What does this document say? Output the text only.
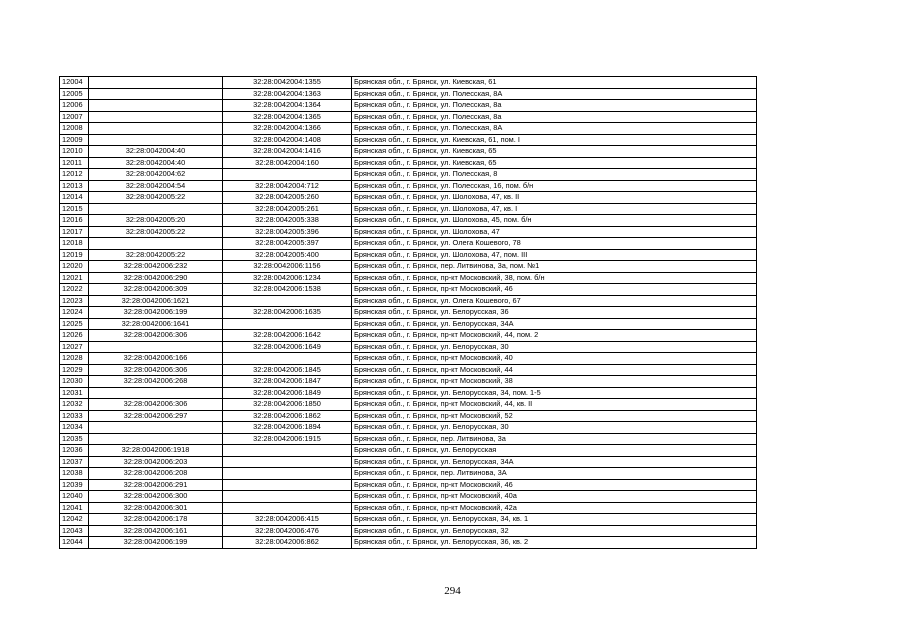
12004		32:28:0042004:1355	Брянская обл., г. Брянск, ул. Киевская, 61
12005		32:28:0042004:1363	Брянская обл., г. Брянск, ул. Полесская, 8А
12006		32:28:0042004:1364	Брянская обл., г. Брянск, ул. Полесская, 8а
12007		32:28:0042004:1365	Брянская обл., г. Брянск, ул. Полесская, 8а
12008		32:28:0042004:1366	Брянская обл., г. Брянск, ул. Полесская, 8А
12009		32:28:0042004:1408	Брянская обл., г. Брянск, ул. Киевская, 61, пом. I
12010	32:28:0042004:40	32:28:0042004:1416	Брянская обл., г. Брянск, ул. Киевская, 65
12011	32:28:0042004:40	32:28:0042004:160	Брянская обл., г. Брянск, ул. Киевская, 65
12012	32:28:0042004:62		Брянская обл., г. Брянск, ул. Полесская, 8
12013	32:28:0042004:54	32:28:0042004:712	Брянская обл., г. Брянск, ул. Полесская, 16, пом. б/н
12014	32:28:0042005:22	32:28:0042005:260	Брянская обл., г. Брянск, ул. Шолохова, 47, кв. II
12015		32:28:0042005:261	Брянская обл., г. Брянск, ул. Шолохова, 47, кв. I
12016	32:28:0042005:20	32:28:0042005:338	Брянская обл., г. Брянск, ул. Шолохова, 45, пом. б/н
12017	32:28:0042005:22	32:28:0042005:396	Брянская обл., г. Брянск, ул. Шолохова, 47
12018		32:28:0042005:397	Брянская обл., г. Брянск, ул. Олега Кошевого, 78
12019	32:28:0042005:22	32:28:0042005:400	Брянская обл., г. Брянск, ул. Шолохова, 47, пом. III
12020	32:28:0042006:232	32:28:0042006:1156	Брянская обл., г. Брянск, пер. Литвинова, 3а, пом. №1
12021	32:28:0042006:290	32:28:0042006:1234	Брянская обл., г. Брянск, пр-кт Московский, 38, пом. б/н
12022	32:28:0042006:309	32:28:0042006:1538	Брянская обл., г. Брянск, пр-кт Московский, 46
12023	32:28:0042006:1621		Брянская обл., г. Брянск, ул. Олега Кошевого, 67
12024	32:28:0042006:199	32:28:0042006:1635	Брянская обл., г. Брянск, ул. Белорусская, 36
12025	32:28:0042006:1641		Брянская обл., г. Брянск, ул. Белорусская, 34А
12026	32:28:0042006:306	32:28:0042006:1642	Брянская обл., г. Брянск, пр-кт Московский, 44, пом. 2
12027		32:28:0042006:1649	Брянская обл., г. Брянск, ул. Белорусская, 30
12028	32:28:0042006:166		Брянская обл., г. Брянск, пр-кт Московский, 40
12029	32:28:0042006:306	32:28:0042006:1845	Брянская обл., г. Брянск, пр-кт Московский, 44
12030	32:28:0042006:268	32:28:0042006:1847	Брянская обл., г. Брянск, пр-кт Московский, 38
12031		32:28:0042006:1849	Брянская обл., г. Брянск, ул. Белорусская, 34, пом. 1-5
12032	32:28:0042006:306	32:28:0042006:1850	Брянская обл., г. Брянск, пр-кт Московский, 44, кв. II
12033	32:28:0042006:297	32:28:0042006:1862	Брянская обл., г. Брянск, пр-кт Московский, 52
12034		32:28:0042006:1894	Брянская обл., г. Брянск, ул. Белорусская, 30
12035		32:28:0042006:1915	Брянская обл., г. Брянск, пер. Литвинова, 3а
12036	32:28:0042006:1918		Брянская обл., г. Брянск, ул. Белорусская
12037	32:28:0042006:203		Брянская обл., г. Брянск, ул. Белорусская, 34А
12038	32:28:0042006:208		Брянская обл., г. Брянск, пер. Литвинова, 3А
12039	32:28:0042006:291		Брянская обл., г. Брянск, пр-кт Московский, 46
12040	32:28:0042006:300		Брянская обл., г. Брянск, пр-кт Московский, 40а
12041	32:28:0042006:301		Брянская обл., г. Брянск, пр-кт Московский, 42а
12042	32:28:0042006:178	32:28:0042006:415	Брянская обл., г. Брянск, ул. Белорусская, 34, кв. 1
12043	32:28:0042006:161	32:28:0042006:476	Брянская обл., г. Брянск, ул. Белорусская, 32
12044	32:28:0042006:199	32:28:0042006:862	Брянская обл., г. Брянск, ул. Белорусская, 36, кв. 2
294
